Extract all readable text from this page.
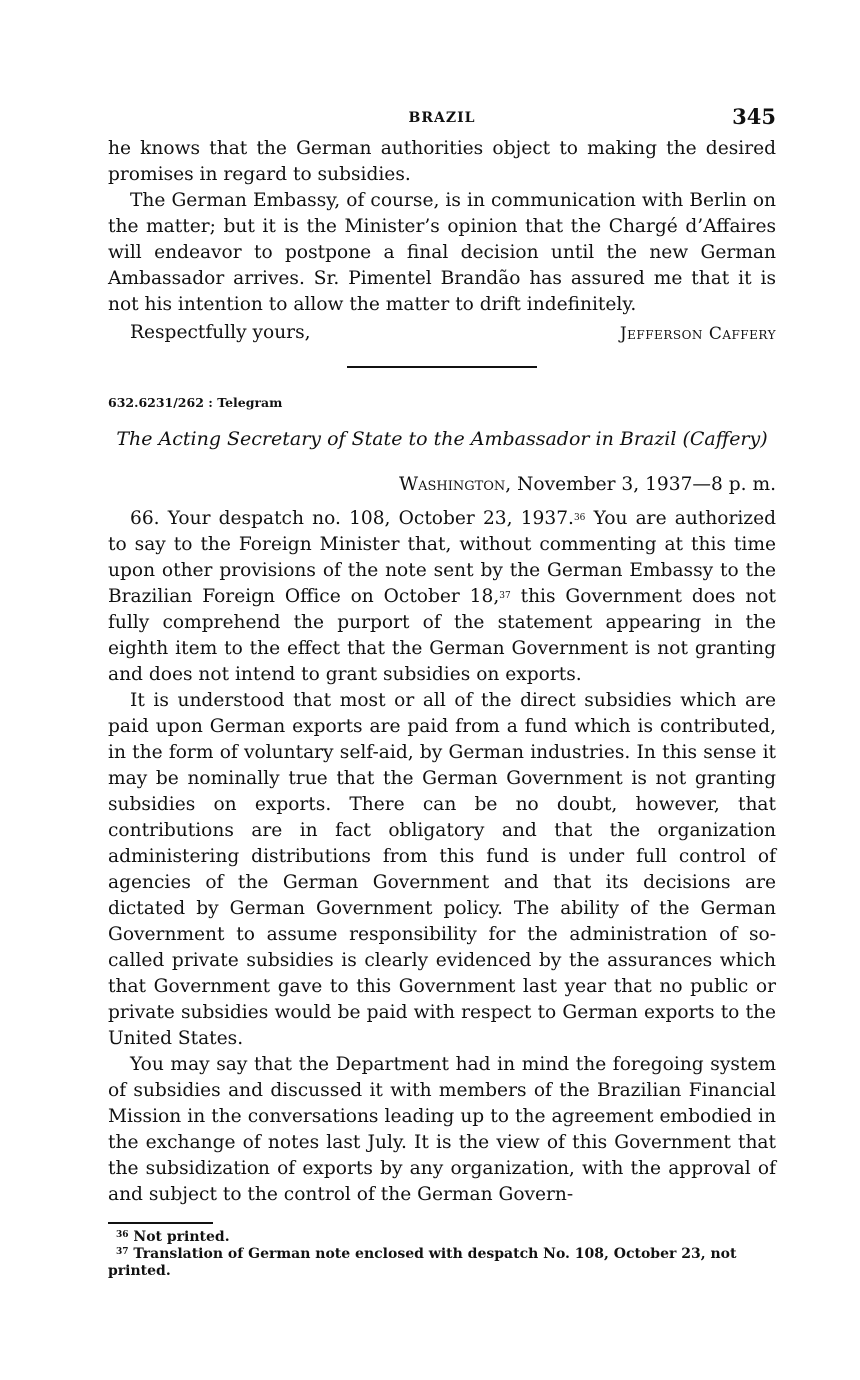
BRAZIL	345

he knows that the German authorities object to making the desired promises in regard to subsidies.

The German Embassy, of course, is in communication with Berlin on the matter; but it is the Minister’s opinion that the Chargé d’Affaires will endeavor to postpone a final decision until the new German Ambassador arrives. Sr. Pimentel Brandão has assured me that it is not his intention to allow the matter to drift indefinitely.

Respectfully yours,	Jefferson Caffery

632.6231/262 : Telegram

The Acting Secretary of State to the Ambassador in Brazil (Caffery)

Washington, November 3, 1937—8 p. m.

66. Your despatch no. 108, October 23, 1937.36 You are authorized to say to the Foreign Minister that, without commenting at this time upon other provisions of the note sent by the German Embassy to the Brazilian Foreign Office on October 18,37 this Government does not fully comprehend the purport of the statement appearing in the eighth item to the effect that the German Government is not granting and does not intend to grant subsidies on exports.

It is understood that most or all of the direct subsidies which are paid upon German exports are paid from a fund which is contributed, in the form of voluntary self-aid, by German industries. In this sense it may be nominally true that the German Government is not granting subsidies on exports. There can be no doubt, however, that contributions are in fact obligatory and that the organization administering distributions from this fund is under full control of agencies of the German Government and that its decisions are dictated by German Government policy. The ability of the German Government to assume responsibility for the administration of so-called private subsidies is clearly evidenced by the assurances which that Government gave to this Government last year that no public or private subsidies would be paid with respect to German exports to the United States.

You may say that the Department had in mind the foregoing system of subsidies and discussed it with members of the Brazilian Financial Mission in the conversations leading up to the agreement embodied in the exchange of notes last July. It is the view of this Government that the subsidization of exports by any organization, with the approval of and subject to the control of the German Govern-

$^{36}$ Not printed.

$^{37}$ Translation of German note enclosed with despatch No. 108, October 23, not printed.
